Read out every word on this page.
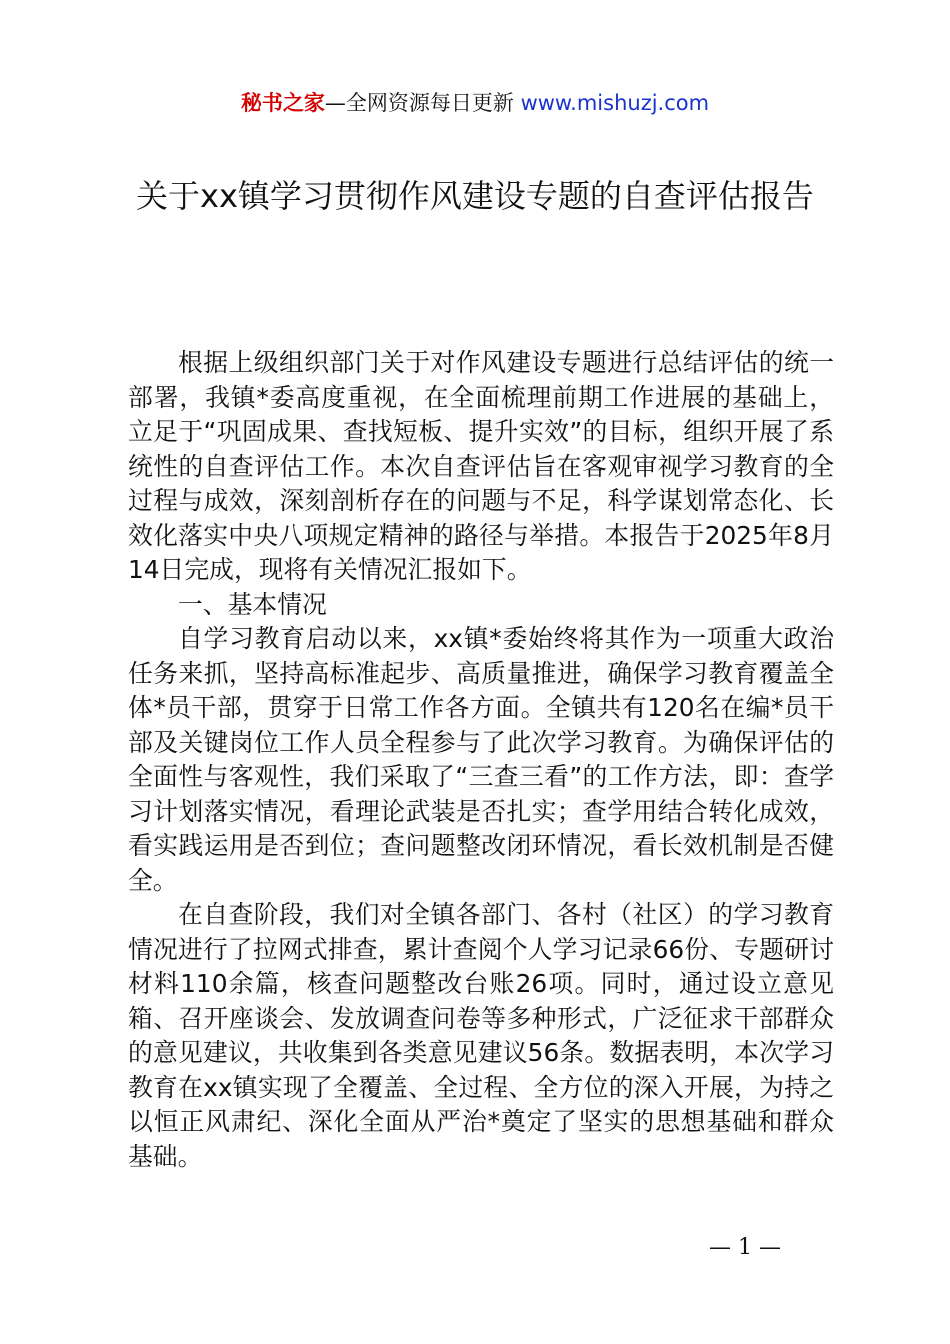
秘书之家—全网资源每日更新 www.mishuzj.com
关于xx镇学习贯彻作风建设专题的自查评估报告

根据上级组织部门关于对作风建设专题进行总结评估的统一部署，我镇*委高度重视，在全面梳理前期工作进展的基础上，立足于“巩固成果、查找短板、提升实效”的目标，组织开展了系统性的自查评估工作。本次自查评估旨在客观审视学习教育的全过程与成效，深刻剖析存在的问题与不足，科学谋划常态化、长效化落实中央八项规定精神的路径与举措。本报告于2025年8月14日完成，现将有关情况汇报如下。

一、基本情况

自学习教育启动以来，xx镇*委始终将其作为一项重大政治任务来抓，坚持高标准起步、高质量推进，确保学习教育覆盖全体*员干部，贯穿于日常工作各方面。全镇共有120名在编*员干部及关键岗位工作人员全程参与了此次学习教育。为确保评估的全面性与客观性，我们采取了“三查三看”的工作方法，即：查学习计划落实情况，看理论武装是否扎实；查学用结合转化成效，看实践运用是否到位；查问题整改闭环情况，看长效机制是否健全。

在自查阶段，我们对全镇各部门、各村（社区）的学习教育情况进行了拉网式排查，累计查阅个人学习记录66份、专题研讨材料110余篇，核查问题整改台账26项。同时，通过设立意见箱、召开座谈会、发放调查问卷等多种形式，广泛征求干部群众的意见建议，共收集到各类意见建议56条。数据表明，本次学习教育在xx镇实现了全覆盖、全过程、全方位的深入开展，为持之以恒正风肃纪、深化全面从严治*奠定了坚实的思想基础和群众基础。

— 1 —
